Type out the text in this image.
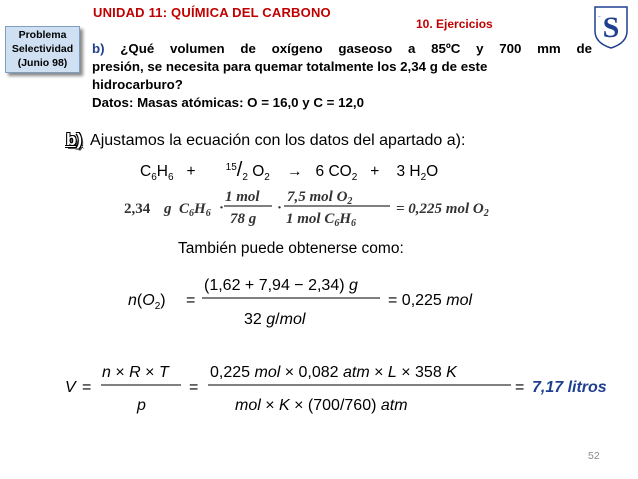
UNIDAD 11: QUÍMICA DEL CARBONO
10. Ejercicios	S
~
Problema
Selectividad
(Junio 98)
b) ¿Qué volumen de oxígeno gaseoso a 85ºC y 700 mm de
presión, se necesita para quemar totalmente los 2,34 g de este
hidrocarburo?
Datos: Masas atómicas: O = 16,0 y C = 12,0
b) Ajustamos la ecuación con los datos del apartado a):
$C_6H_6$ +	$^{15}/_2$ $O_2 \to 6$ $CO_2 + 3$ $H_2O$
2,34 g $C_6H_6$ ·
1 mol
78 g
·
7,5 mol $O_2$
1 mol $C_6H_6$
= 0,225 mol $O_2$
También puede obtenerse como:
$n(O_2)$ =
(1,62 + 7,94 − 2,34) g
32 g/mol
= 0,225 mol
V =
n × R × T
p
=
0,225 mol × 0,082 atm × L × 358 K
mol × K × (700/760) atm
= 7,17 litros
52
